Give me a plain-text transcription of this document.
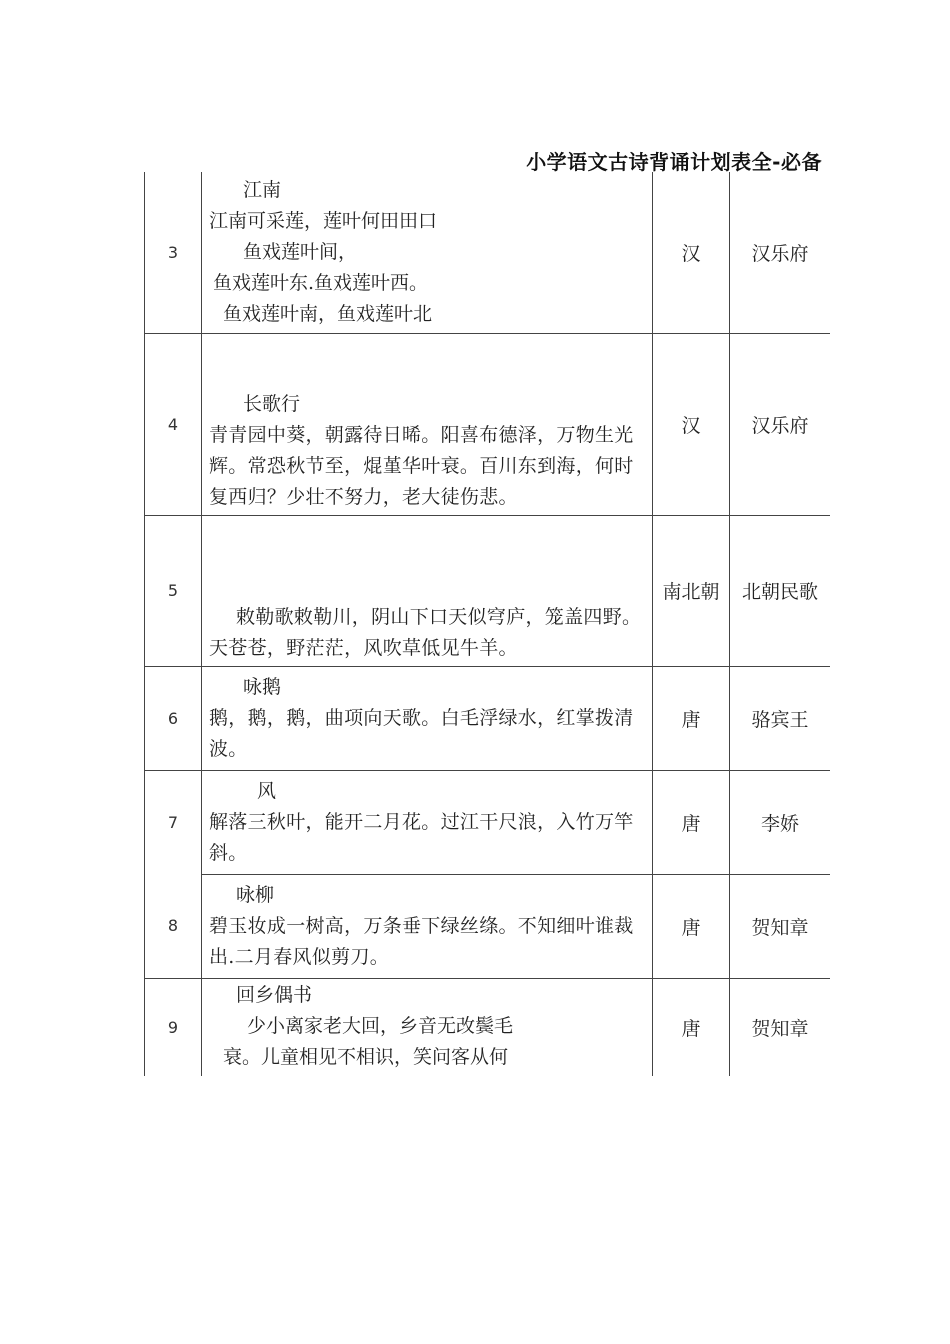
小学语文古诗背诵计划表全-必备
3	江南
江南可采莲，莲叶何田田口
鱼戏莲叶间，
鱼戏莲叶东.鱼戏莲叶西。
鱼戏莲叶南，鱼戏莲叶北	汉	汉乐府
4	长歌行
青青园中葵，朝露待日晞。阳喜布德泽，万物生光辉。常恐秋节至，焜堇华叶衰。百川东到海，何时复西归？少壮不努力，老大徒伤悲。	汉	汉乐府
5	敕勒歌敕勒川，阴山下口天似穹庐，笼盖四野。天苍苍，野茫茫，风吹草低见牛羊。	南北朝	北朝民歌
6	咏鹅
鹅，鹅，鹅，曲项向天歌。白毛浮绿水，红掌拨清波。	唐	骆宾王
7	风
解落三秋叶，能开二月花。过江干尺浪，入竹万竿斜。	唐	李娇
8	咏柳
碧玉妆成一树高，万条垂下绿丝绦。不知细叶谁裁出.二月春风似剪刀。	唐	贺知章
9	回乡偶书
少小离家老大回，乡音无改鬓毛
衰。儿童相见不相识，笑问客从何	唐	贺知章
